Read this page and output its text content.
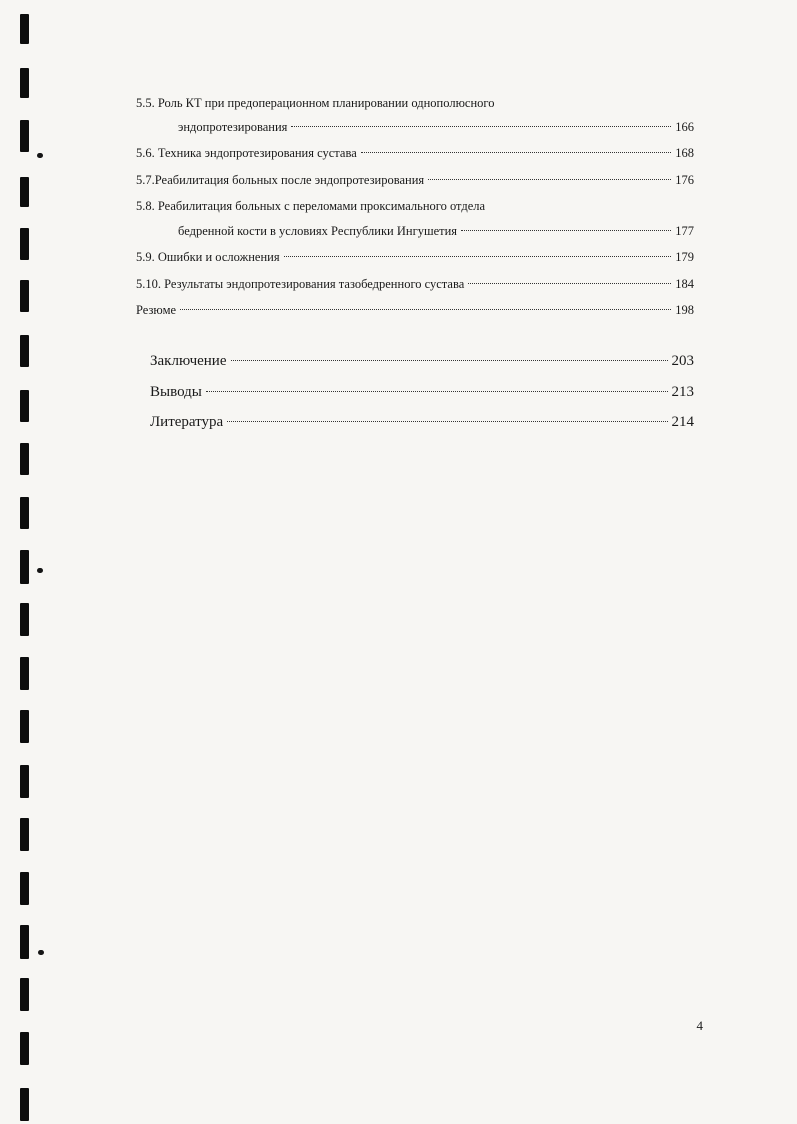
5.5. Роль КТ при предоперационном планировании однополюсного
эндопротезирования	166
5.6. Техника эндопротезирования сустава	168
5.7.Реабилитация больных после эндопротезирования	176
5.8. Реабилитация больных с переломами проксимального отдела
бедренной кости в условиях Республики Ингушетия	177
5.9. Ошибки и осложнения	179
5.10. Результаты эндопротезирования тазобедренного сустава	184
Резюме	198
Заключение	203
Выводы	213
Литература	214
4
